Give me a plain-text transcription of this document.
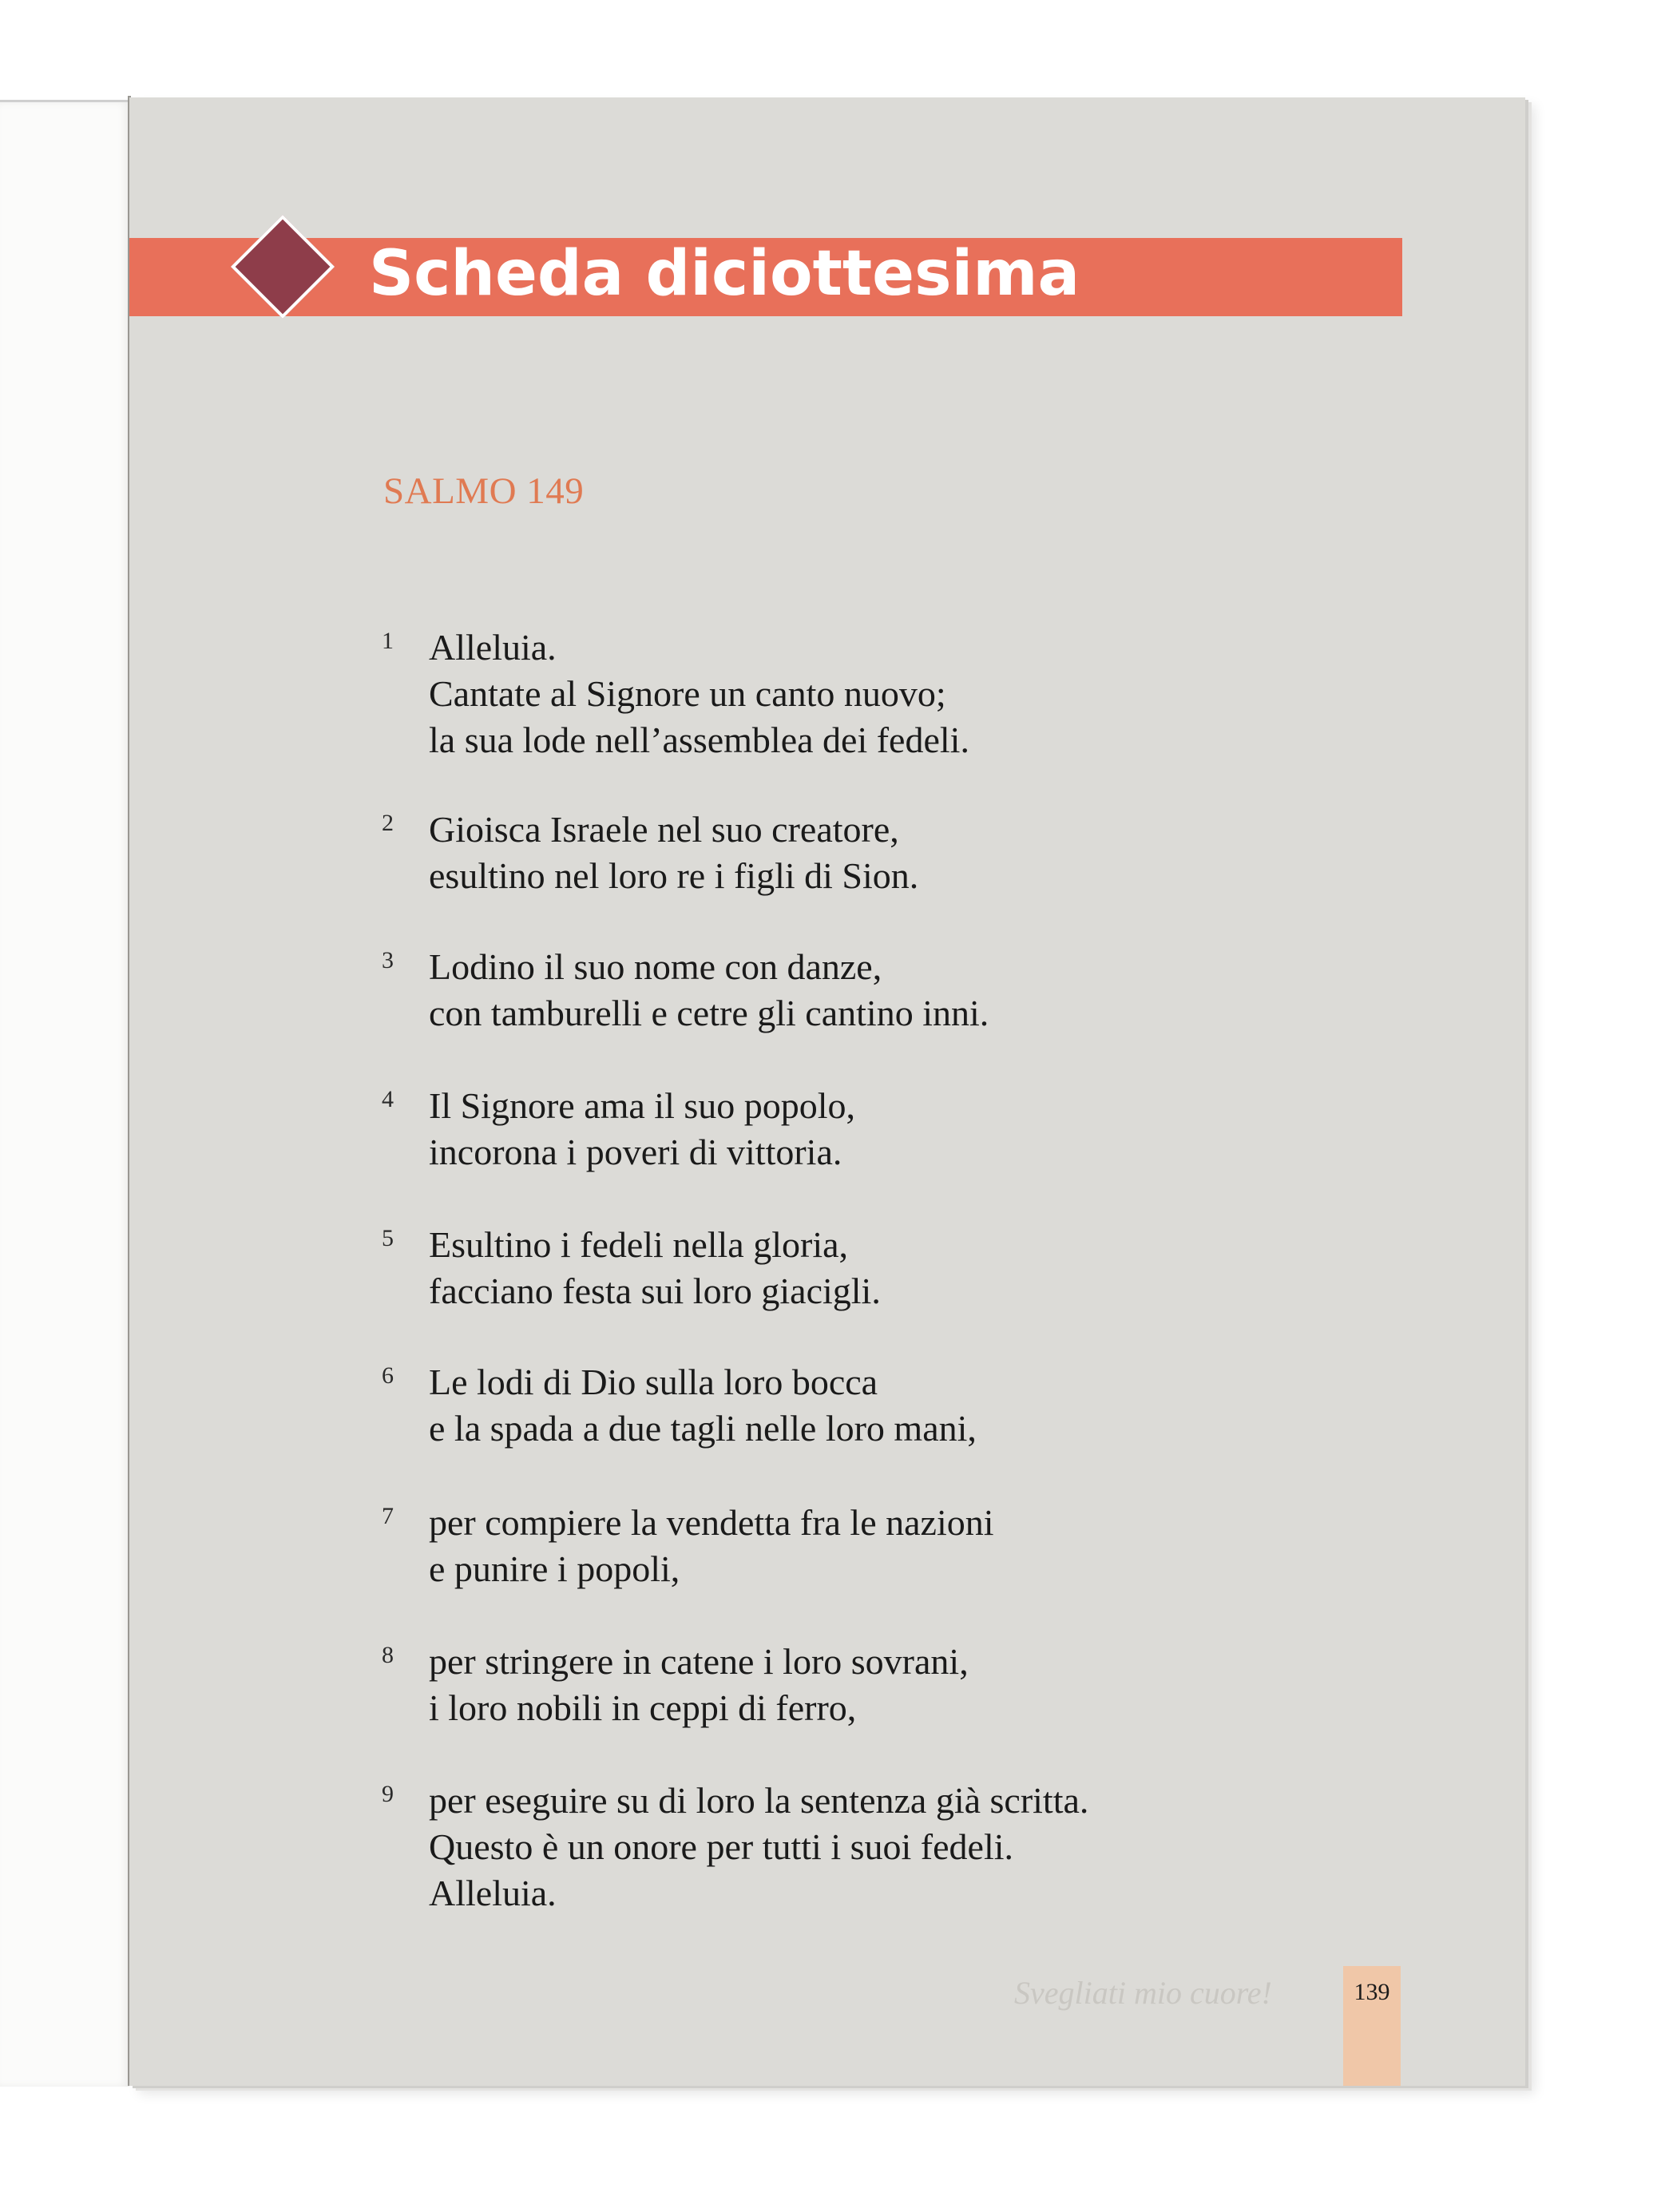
Scheda diciottesima
SALMO 149
1 Alleluia.
Cantate al Signore un canto nuovo;
la sua lode nell’assemblea dei fedeli.
2 Gioisca Israele nel suo creatore,
esultino nel loro re i figli di Sion.
3 Lodino il suo nome con danze,
con tamburelli e cetre gli cantino inni.
4 Il Signore ama il suo popolo,
incorona i poveri di vittoria.
5 Esultino i fedeli nella gloria,
facciano festa sui loro giacigli.
6 Le lodi di Dio sulla loro bocca
e la spada a due tagli nelle loro mani,
7 per compiere la vendetta fra le nazioni
e punire i popoli,
8 per stringere in catene i loro sovrani,
i loro nobili in ceppi di ferro,
9 per eseguire su di loro la sentenza già scritta.
Questo è un onore per tutti i suoi fedeli.
Alleluia.
Svegliati mio cuore!	139
